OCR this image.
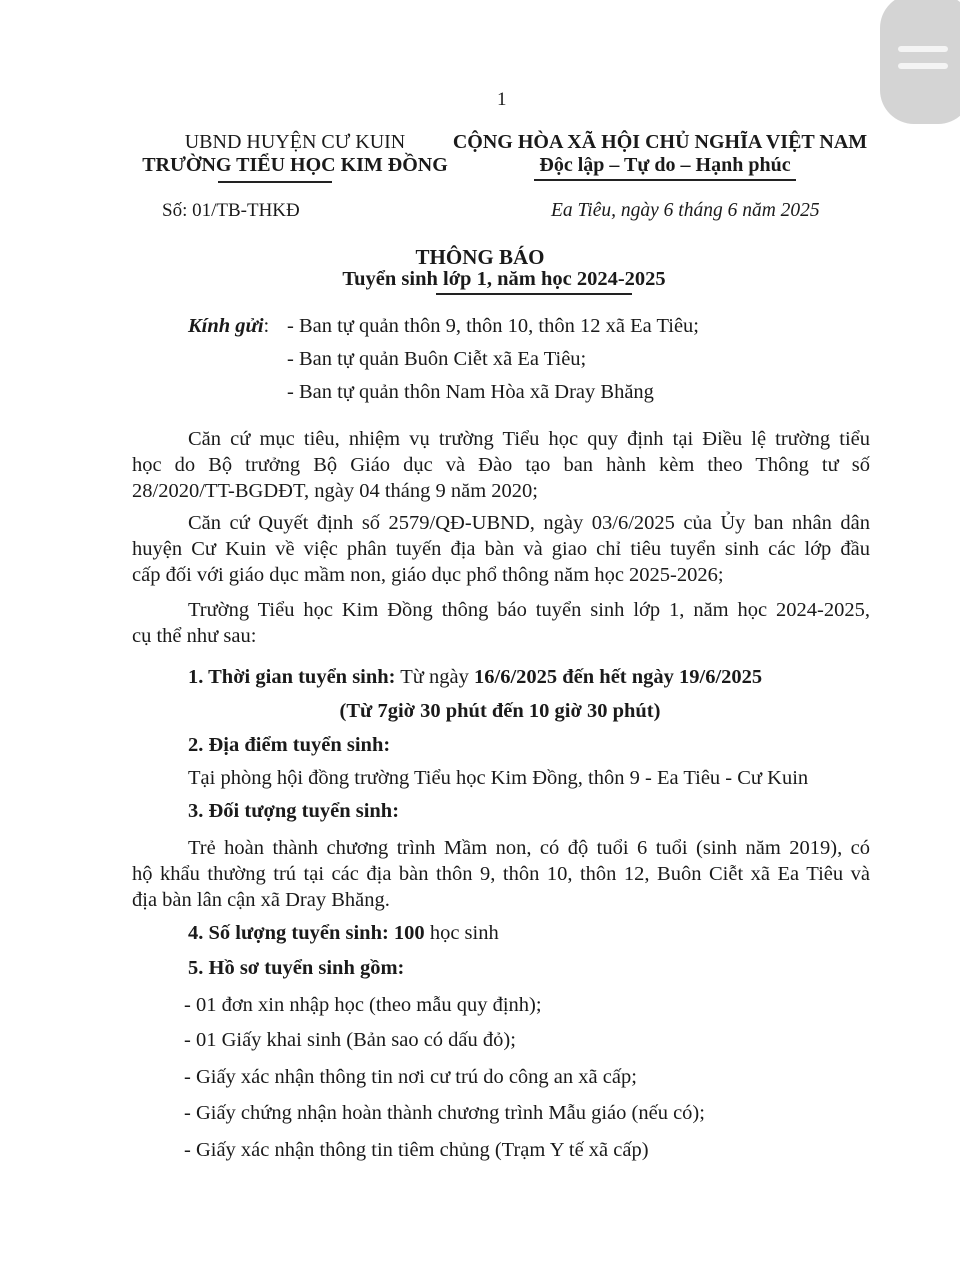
1
UBND HUYỆN CƯ KUIN
TRƯỜNG TIỂU HỌC KIM ĐỒNG
CỘNG HÒA XÃ HỘI CHỦ NGHĨA VIỆT NAM
Độc lập – Tự do – Hạnh phúc
Số: 01/TB-THKĐ	Ea Tiêu, ngày 6 tháng 6 năm 2025
THÔNG BÁO
Tuyển sinh lớp 1, năm học 2024-2025
Kính gửi: - Ban tự quản thôn 9, thôn 10, thôn 12 xã Ea Tiêu;
- Ban tự quản Buôn Ciễt xã Ea Tiêu;
- Ban tự quản thôn Nam Hòa xã Dray Bhăng
Căn cứ mục tiêu, nhiệm vụ trường Tiểu học quy định tại Điều lệ trường tiểu
học do Bộ trưởng Bộ Giáo dục và Đào tạo ban hành kèm theo Thông tư số
28/2020/TT-BGDĐT, ngày 04 tháng 9 năm 2020;
Căn cứ Quyết định số 2579/QĐ-UBND, ngày 03/6/2025 của Ủy ban nhân dân
huyện Cư Kuin về việc phân tuyến địa bàn và giao chỉ tiêu tuyển sinh các lớp đầu
cấp đối với giáo dục mầm non, giáo dục phổ thông năm học 2025-2026;
Trường Tiểu học Kim Đồng thông báo tuyển sinh lớp 1, năm học 2024-2025,
cụ thể như sau:
1. Thời gian tuyển sinh: Từ ngày 16/6/2025 đến hết ngày 19/6/2025
(Từ 7giờ 30 phút đến 10 giờ 30 phút)
2. Địa điểm tuyển sinh:
Tại phòng hội đồng trường Tiểu học Kim Đồng, thôn 9 - Ea Tiêu - Cư Kuin
3. Đối tượng tuyển sinh:
Trẻ hoàn thành chương trình Mầm non, có độ tuổi 6 tuổi (sinh năm 2019), có
hộ khẩu thường trú tại các địa bàn thôn 9, thôn 10, thôn 12, Buôn Ciễt xã Ea Tiêu và
địa bàn lân cận xã Dray Bhăng.
4. Số lượng tuyển sinh: 100 học sinh
5. Hồ sơ tuyển sinh gồm:
- 01 đơn xin nhập học (theo mẫu quy định);
- 01 Giấy khai sinh (Bản sao có dấu đỏ);
- Giấy xác nhận thông tin nơi cư trú do công an xã cấp;
- Giấy chứng nhận hoàn thành chương trình Mẫu giáo (nếu có);
- Giấy xác nhận thông tin tiêm chủng (Trạm Y tế xã cấp)
